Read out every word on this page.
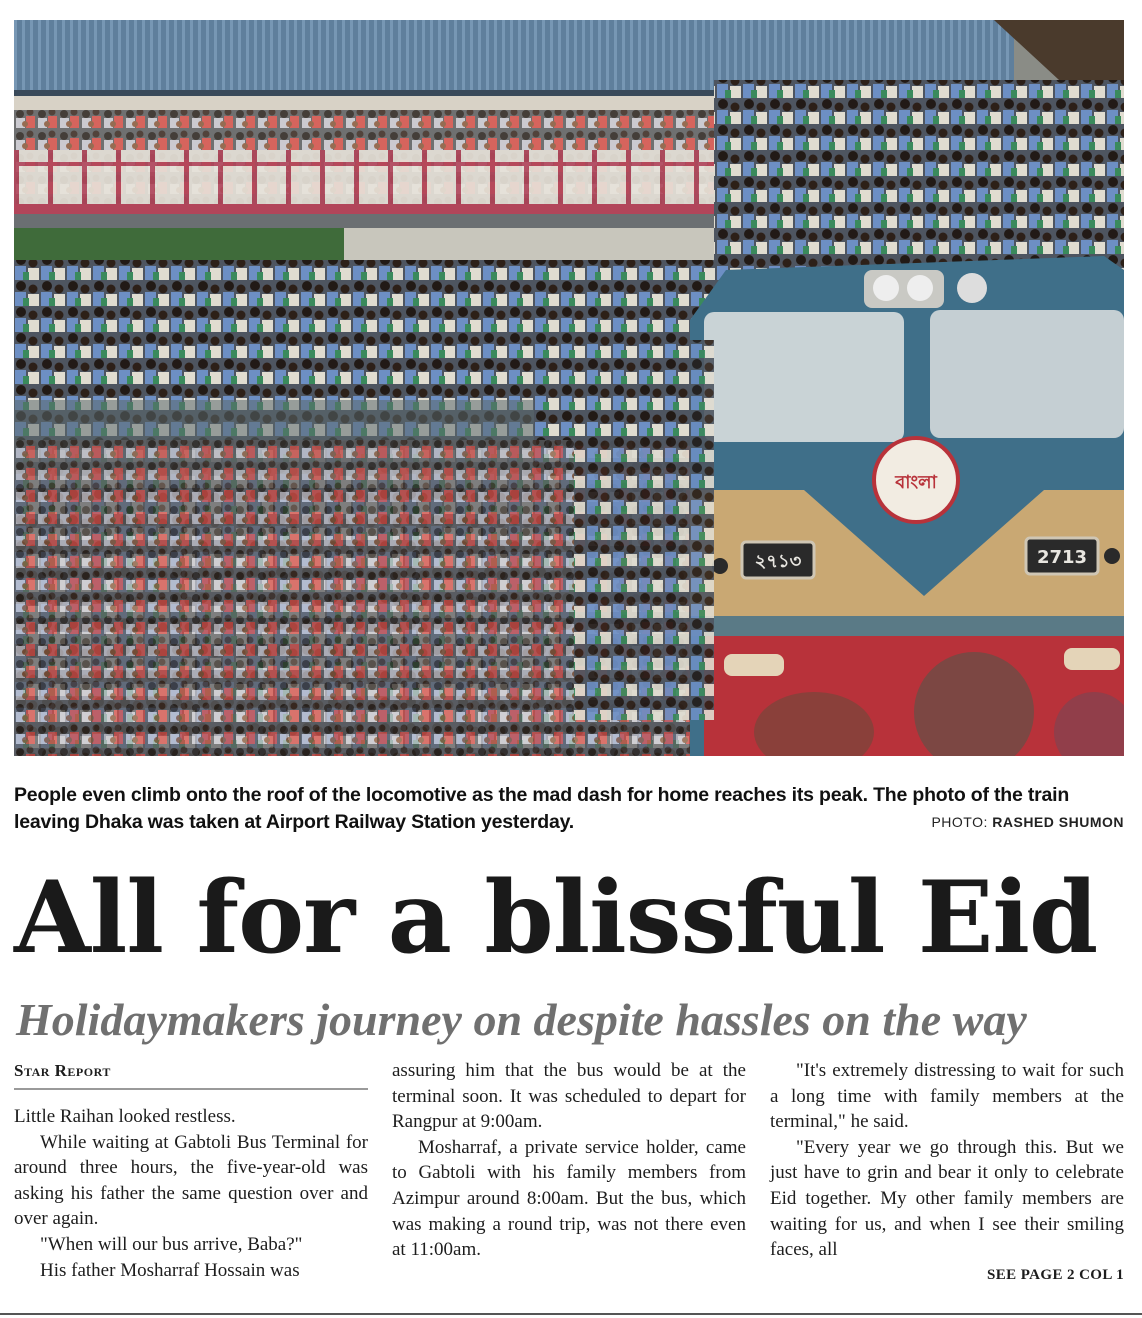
বাংলা
২৭১৩	2713
People even climb onto the roof of the locomotive as the mad dash for home reaches its peak. The photo of the train leaving Dhaka was taken at Airport Railway Station yesterday.	PHOTO: RASHED SHUMON
All for a blissful Eid
Holidaymakers journey on despite hassles on the way
Star Report

Little Raihan looked restless.

While waiting at Gabtoli Bus Terminal for around three hours, the five-year-old was asking his father the same question over and over again.

"When will our bus arrive, Baba?"

His father Mosharraf Hossain was

assuring him that the bus would be at the terminal soon. It was scheduled to depart for Rangpur at 9:00am.

Mosharraf, a private service holder, came to Gabtoli with his family members from Azimpur around 8:00am. But the bus, which was making a round trip, was not there even at 11:00am.

"It's extremely distressing to wait for such a long time with family members at the terminal," he said.

"Every year we go through this. But we just have to grin and bear it only to celebrate Eid together. My other family members are waiting for us, and when I see their smiling faces, all

SEE PAGE 2 COL 1
